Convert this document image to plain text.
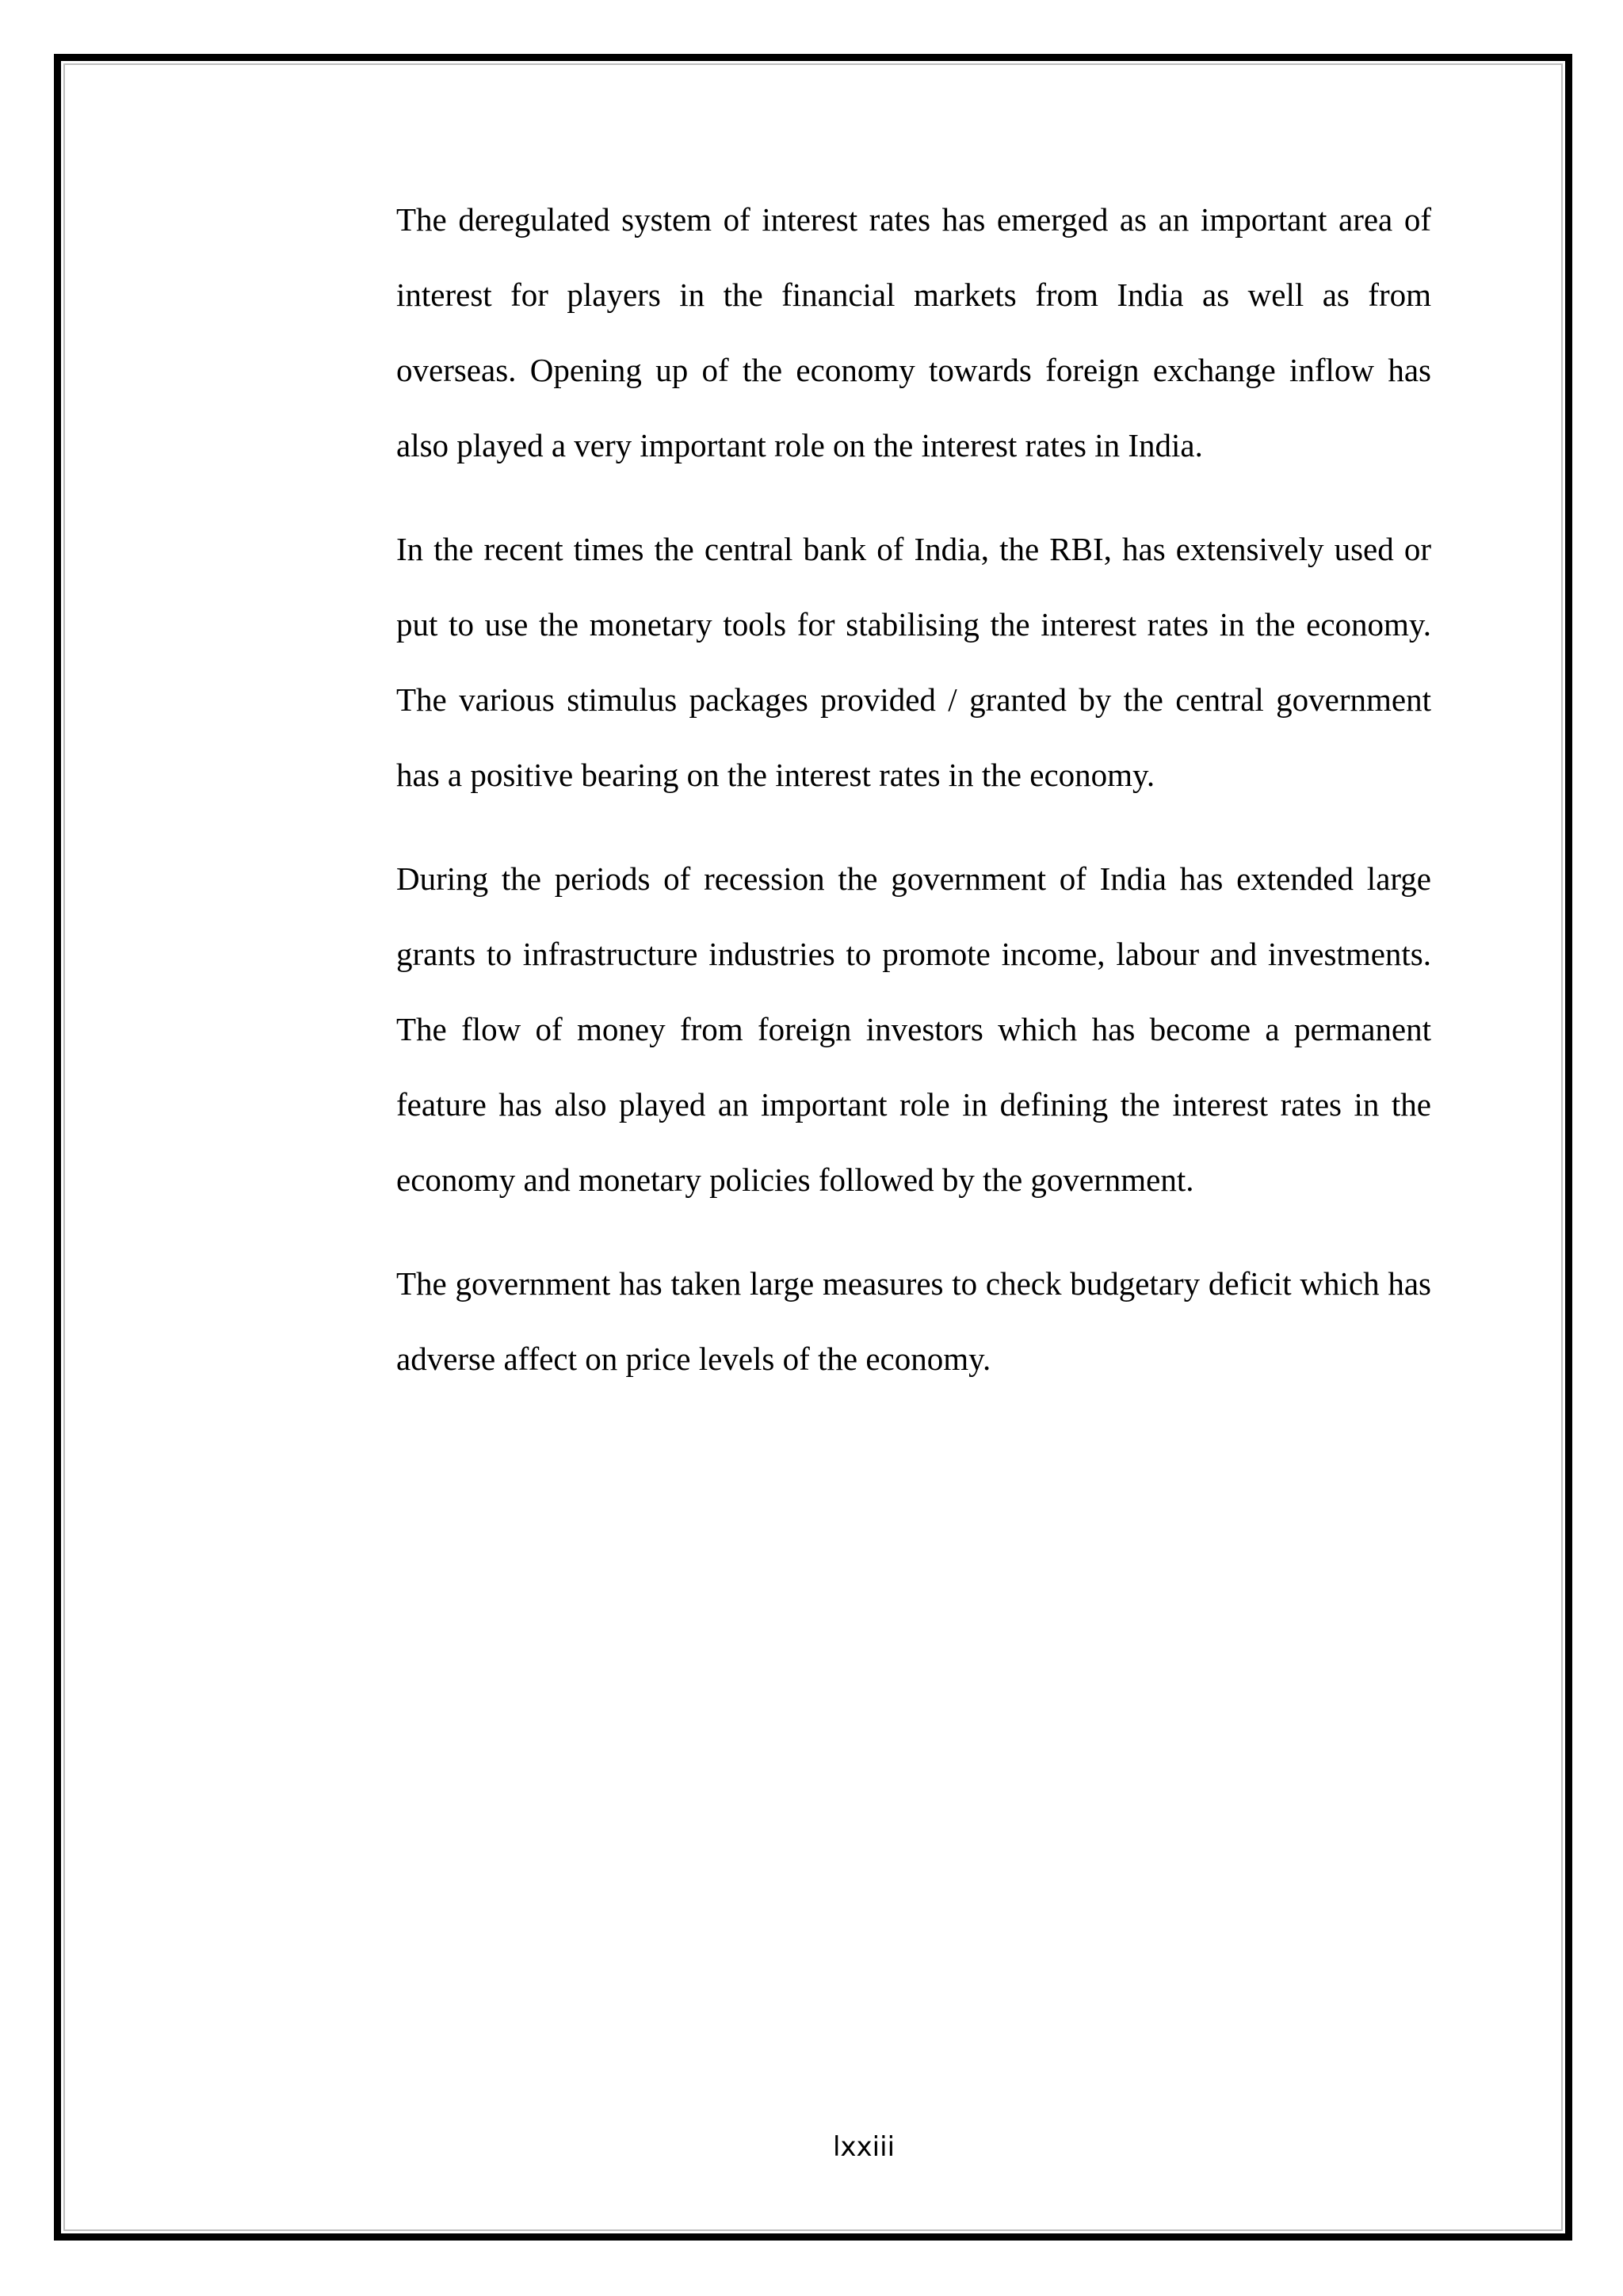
The deregulated system of interest rates has emerged as an important area of interest for players in the financial markets from India as well as from overseas. Opening up of the economy towards foreign exchange inflow has also played a very important role on the interest rates in India.

In the recent times the central bank of India, the RBI, has extensively used or put to use the monetary tools for stabilising the interest rates in the economy. The various stimulus packages provided / granted by the central government has a positive bearing on the interest rates in the economy.

During the periods of recession the government of India has extended large grants to infrastructure industries to promote income, labour and investments. The flow of money from foreign investors which has become a permanent feature has also played an important role in defining the interest rates in the economy and monetary policies followed by the government.

The government has taken large measures to check budgetary deficit which has adverse affect on price levels of the economy.

lxxiii
